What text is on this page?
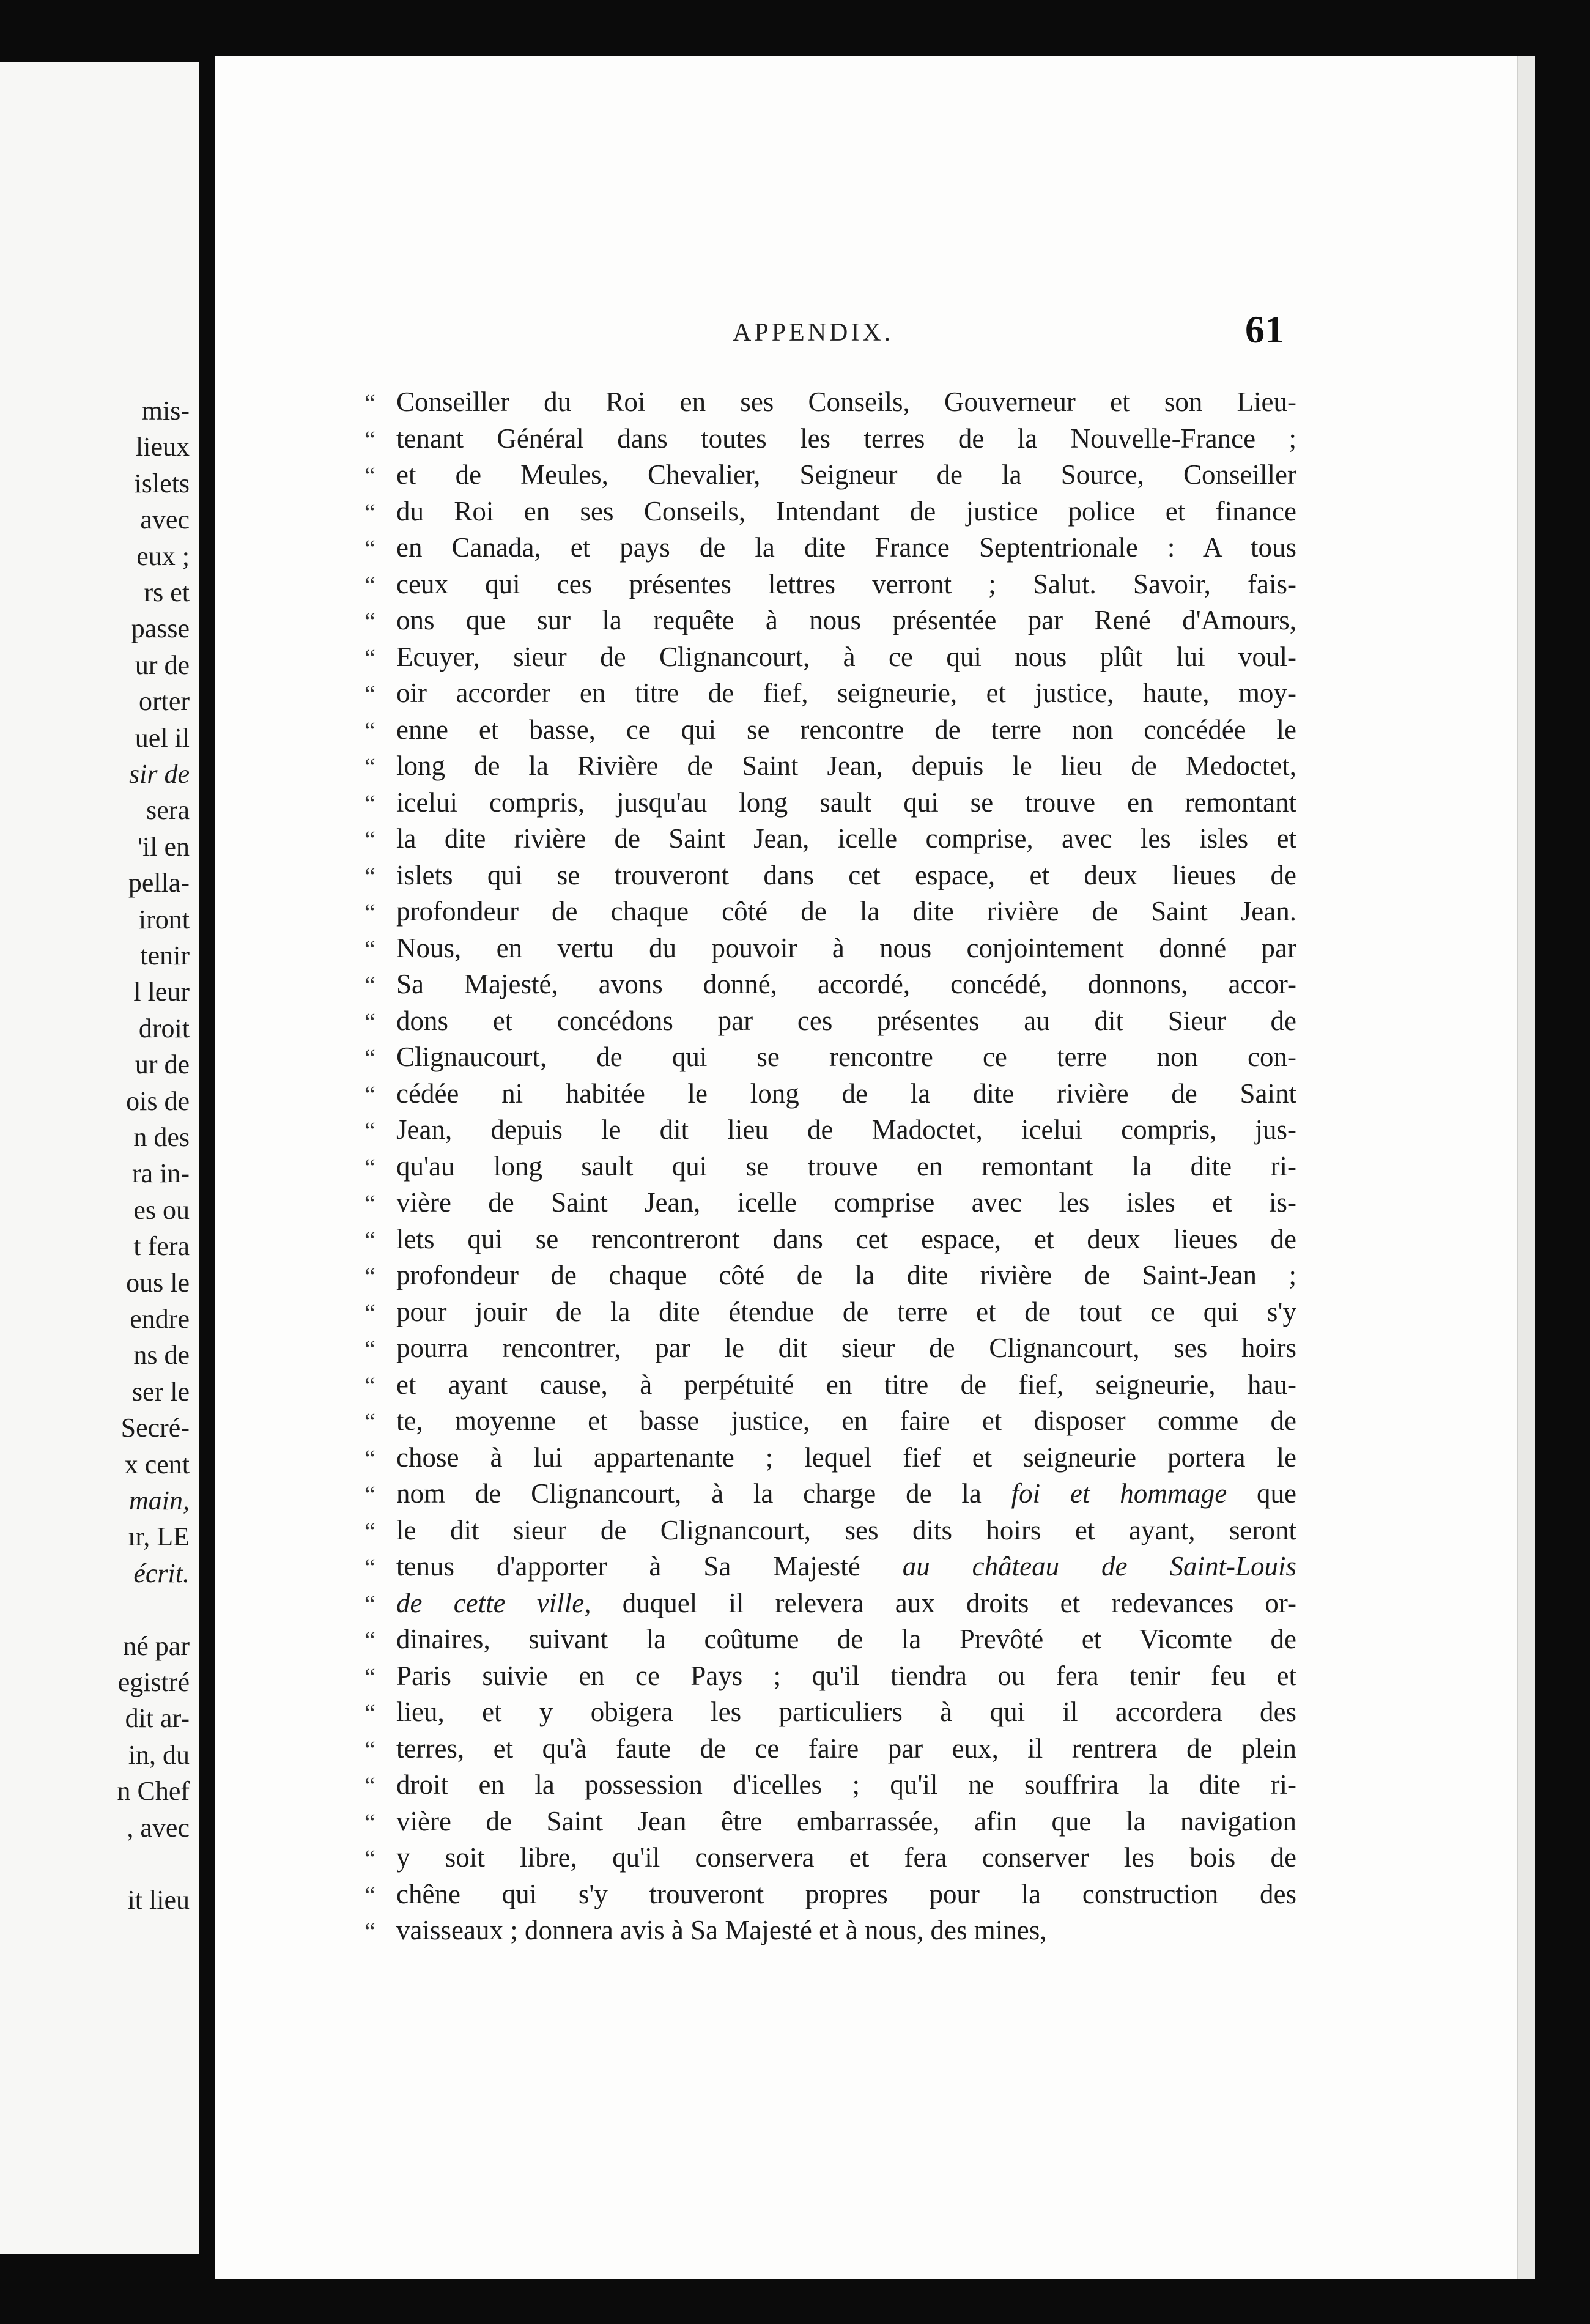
mis-
lieux
islets
avec
eux ;
rs et
passe
ur de
orter
uel il
sir de
sera
'il en
pella-
iront
tenir
l leur
droit
ur de
ois de
n des
ra in-
es ou
t fera
ous le
endre
ns de
ser le
Secré-
x cent
main,
ır, LE
écrit.
né par
egistré
dit ar-
in, du
n Chef
, avec
it lieu
APPENDIX.	61
“ Conseiller du Roi en ses Conseils, Gouverneur et son Lieu-
“ tenant Général dans toutes les terres de la Nouvelle-France ;
“ et de Meules, Chevalier, Seigneur de la Source, Conseiller
“ du Roi en ses Conseils, Intendant de justice police et finance
“ en Canada, et pays de la dite France Septentrionale : A tous
“ ceux qui ces présentes lettres verront ; Salut. Savoir, fais-
“ ons que sur la requête à nous présentée par René d'Amours,
“ Ecuyer, sieur de Clignancourt, à ce qui nous plût lui voul-
“ oir accorder en titre de fief, seigneurie, et justice, haute, moy-
“ enne et basse, ce qui se rencontre de terre non concédée le
“ long de la Rivière de Saint Jean, depuis le lieu de Medoctet,
“ icelui compris, jusqu'au long sault qui se trouve en remontant
“ la dite rivière de Saint Jean, icelle comprise, avec les isles et
“ islets qui se trouveront dans cet espace, et deux lieues de
“ profondeur de chaque côté de la dite rivière de Saint Jean.
“ Nous, en vertu du pouvoir à nous conjointement donné par
“ Sa Majesté, avons donné, accordé, concédé, donnons, accor-
“ dons et concédons par ces présentes au dit Sieur de
“ Clignaucourt, de qui se rencontre ce terre non con-
“ cédée ni habitée le long de la dite rivière de Saint
“ Jean, depuis le dit lieu de Madoctet, icelui compris, jus-
“ qu'au long sault qui se trouve en remontant la dite ri-
“ vière de Saint Jean, icelle comprise avec les isles et is-
“ lets qui se rencontreront dans cet espace, et deux lieues de
“ profondeur de chaque côté de la dite rivière de Saint-Jean ;
“ pour jouir de la dite étendue de terre et de tout ce qui s'y
“ pourra rencontrer, par le dit sieur de Clignancourt, ses hoirs
“ et ayant cause, à perpétuité en titre de fief, seigneurie, hau-
“ te, moyenne et basse justice, en faire et disposer comme de
“ chose à lui appartenante ; lequel fief et seigneurie portera le
“ nom de Clignancourt, à la charge de la foi et hommage que
“ le dit sieur de Clignancourt, ses dits hoirs et ayant, seront
“ tenus d'apporter à Sa Majesté au château de Saint-Louis
“ de cette ville, duquel il relevera aux droits et redevances or-
“ dinaires, suivant la coûtume de la Prevôté et Vicomte de
“ Paris suivie en ce Pays ; qu'il tiendra ou fera tenir feu et
“ lieu, et y obigera les particuliers à qui il accordera des
“ terres, et qu'à faute de ce faire par eux, il rentrera de plein
“ droit en la possession d'icelles ; qu'il ne souffrira la dite ri-
“ vière de Saint Jean être embarrassée, afin que la navigation
“ y soit libre, qu'il conservera et fera conserver les bois de
“ chêne qui s'y trouveront propres pour la construction des
“ vaisseaux ; donnera avis à Sa Majesté et à nous, des mines,
